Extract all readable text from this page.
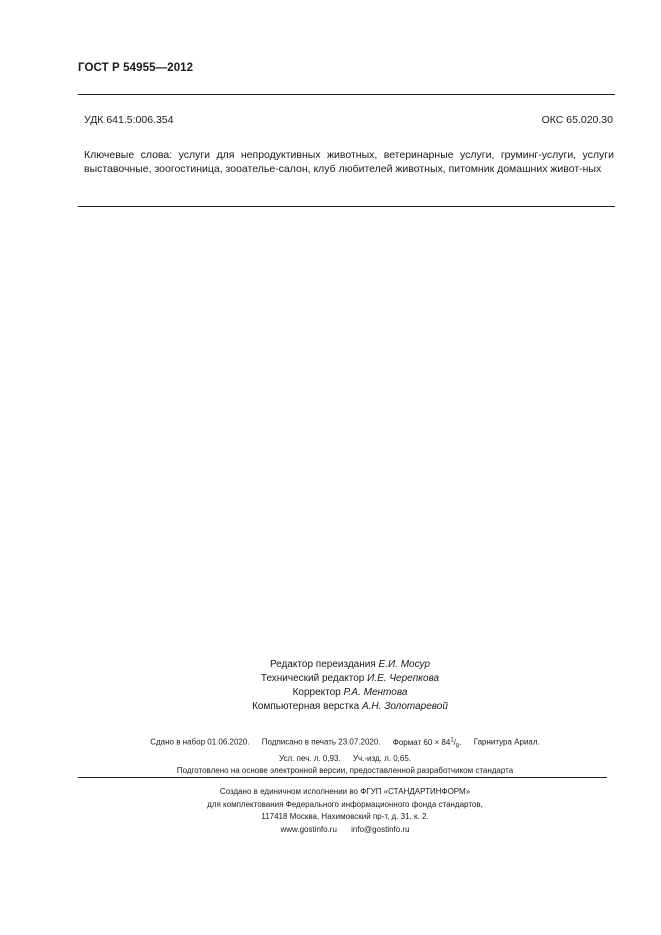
ГОСТ Р 54955—2012
УДК 641.5:006.354	ОКС 65.020.30
Ключевые слова: услуги для непродуктивных животных, ветеринарные услуги, груминг-услуги, услуги выставочные, зоогостиница, зооателье-салон, клуб любителей животных, питомник домашних живот-ных
Редактор переиздания Е.И. Мосур
Технический редактор И.Е. Черепкова
Корректор Р.А. Ментова
Компьютерная верстка А.Н. Золотаревой
Сдано в набор 01.06.2020. Подписано в печать 23.07.2020. Формат $60 \times 84^1/_8$. Гарнитура Ариал.
Усл. печ. л. 0,93. Уч.-изд. л. 0,65.
Подготовлено на основе электронной версии, предоставленной разработчиком стандарта
Создано в единичном исполнении во ФГУП «СТАНДАРТИНФОРМ»
для комплектования Федерального информационного фонда стандартов,
117418 Москва, Нахимовский пр-т, д. 31, к. 2.
www.gostinfo.ru info@gostinfo.ru
